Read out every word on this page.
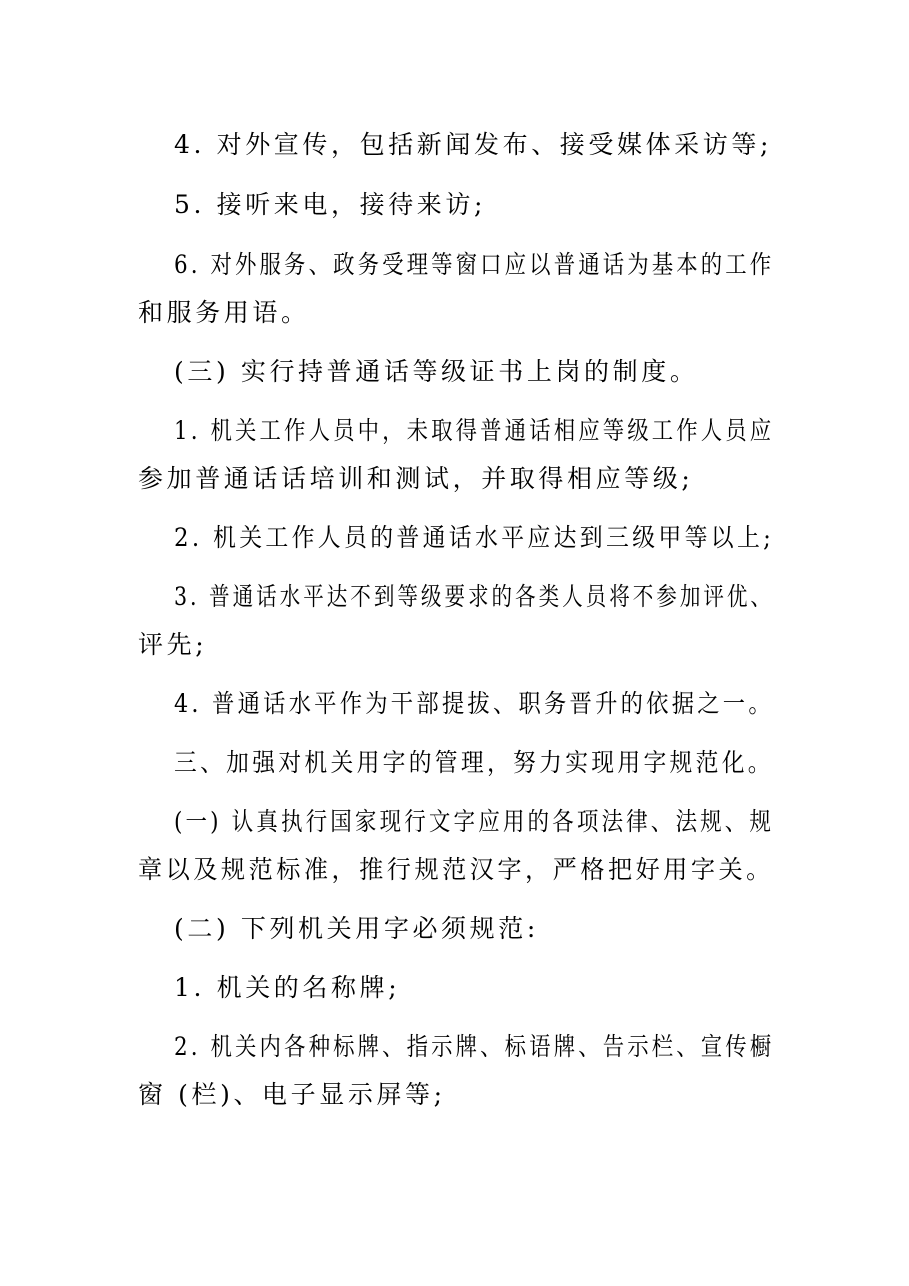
4. 对外宣传，包括新闻发布、接受媒体采访等;
5. 接听来电，接待来访;
6. 对外服务、政务受理等窗口应以普通话为基本的工作
和服务用语。
(三) 实行持普通话等级证书上岗的制度。
1. 机关工作人员中，未取得普通话相应等级工作人员应
参加普通话话培训和测试，并取得相应等级;
2. 机关工作人员的普通话水平应达到三级甲等以上;
3. 普通话水平达不到等级要求的各类人员将不参加评优、
评先;
4. 普通话水平作为干部提拔、职务晋升的依据之一。
三、加强对机关用字的管理，努力实现用字规范化。
(一) 认真执行国家现行文字应用的各项法律、法规、规
章以及规范标准，推行规范汉字，严格把好用字关。
(二) 下列机关用字必须规范:
1. 机关的名称牌;
2. 机关内各种标牌、指示牌、标语牌、告示栏、宣传橱
窗 (栏)、电子显示屏等;
